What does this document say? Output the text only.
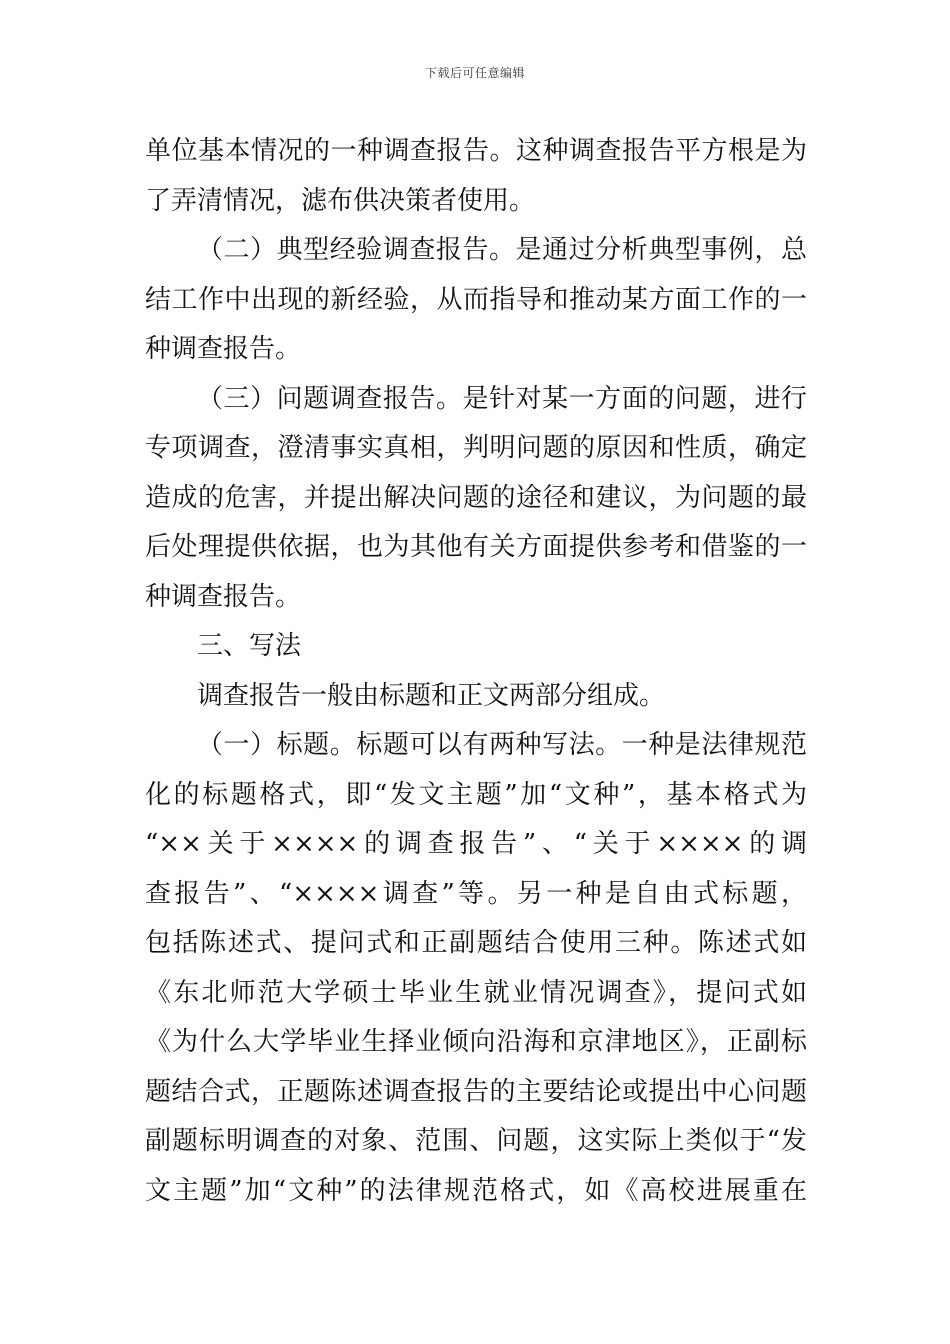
下载后可任意编辑
单位基本情况的一种调查报告。这种调查报告平方根是为
了弄清情况，滤布供决策者使用。
（二）典型经验调查报告。是通过分析典型事例，总
结工作中出现的新经验，从而指导和推动某方面工作的一
种调查报告。
（三）问题调查报告。是针对某一方面的问题，进行
专项调查，澄清事实真相，判明问题的原因和性质，确定
造成的危害，并提出解决问题的途径和建议，为问题的最
后处理提供依据，也为其他有关方面提供参考和借鉴的一
种调查报告。
三、写法
调查报告一般由标题和正文两部分组成。
（一）标题。标题可以有两种写法。一种是法律规范
化的标题格式，即“发文主题”加“文种”，基本格式为
“××关于××××的调查报告”、“关于××××的调
查报告”、“××××调查”等。另一种是自由式标题，
包括陈述式、提问式和正副题结合使用三种。陈述式如
《东北师范大学硕士毕业生就业情况调查》，提问式如
《为什么大学毕业生择业倾向沿海和京津地区》，正副标
题结合式，正题陈述调查报告的主要结论或提出中心问题
副题标明调查的对象、范围、问题，这实际上类似于“发
文主题”加“文种”的法律规范格式，如《高校进展重在
